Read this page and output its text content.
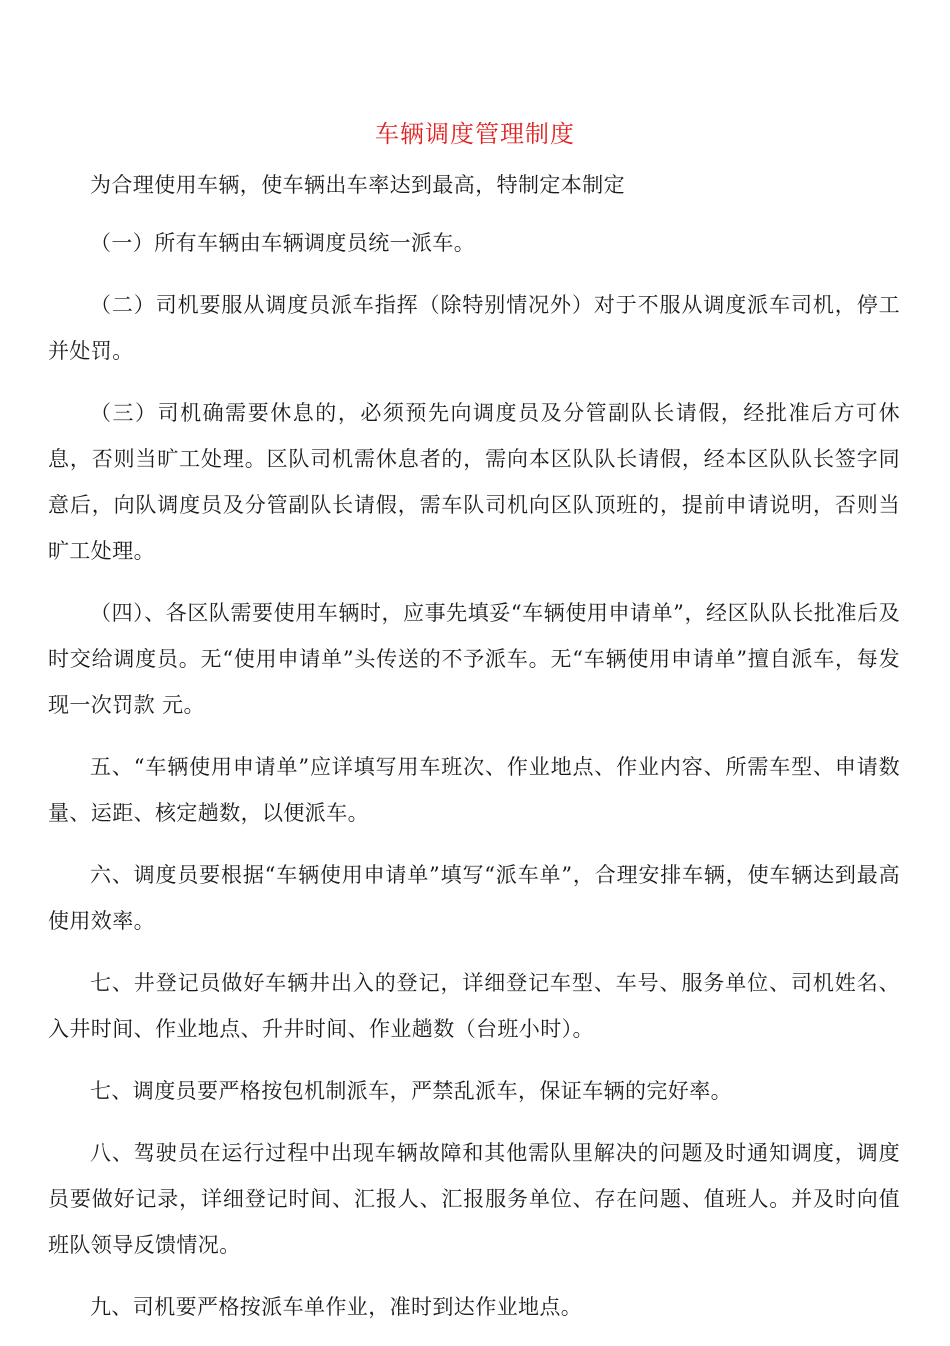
车辆调度管理制度

为合理使用车辆，使车辆出车率达到最高，特制定本制定

（一）所有车辆由车辆调度员统一派车。

（二）司机要服从调度员派车指挥（除特别情况外）对于不服从调度派车司机，停工并处罚。

（三）司机确需要休息的，必须预先向调度员及分管副队长请假，经批准后方可休息，否则当旷工处理。区队司机需休息者的，需向本区队队长请假，经本区队队长签字同意后，向队调度员及分管副队长请假，需车队司机向区队顶班的，提前申请说明，否则当旷工处理。

（四）、各区队需要使用车辆时，应事先填妥“车辆使用申请单”，经区队队长批准后及时交给调度员。无“使用申请单”头传送的不予派车。无“车辆使用申请单”擅自派车，每发现一次罚款 元。

五、“车辆使用申请单”应详填写用车班次、作业地点、作业内容、所需车型、申请数量、运距、核定趟数，以便派车。

六、调度员要根据“车辆使用申请单”填写“派车单”，合理安排车辆，使车辆达到最高使用效率。

七、井登记员做好车辆井出入的登记，详细登记车型、车号、服务单位、司机姓名、入井时间、作业地点、升井时间、作业趟数（台班小时）。

七、调度员要严格按包机制派车，严禁乱派车，保证车辆的完好率。

八、驾驶员在运行过程中出现车辆故障和其他需队里解决的问题及时通知调度，调度员要做好记录，详细登记时间、汇报人、汇报服务单位、存在问题、值班人。并及时向值班队领导反馈情况。

九、司机要严格按派车单作业，准时到达作业地点。
